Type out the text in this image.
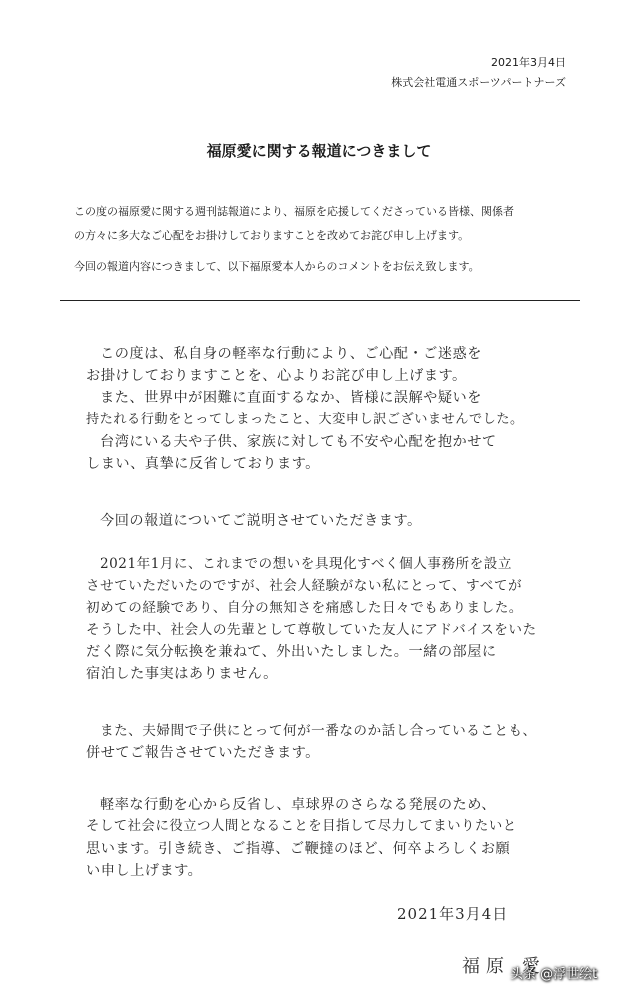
2021年3月4日
株式会社電通スポーツパートナーズ
福原愛に関する報道につきまして
この度の福原愛に関する週刊誌報道により、福原を応援してくださっている皆様、関係者
の方々に多大なご心配をお掛けしておりますことを改めてお詫び申し上げます。
今回の報道内容につきまして、以下福原愛本人からのコメントをお伝え致します。
この度は、私自身の軽率な行動により、ご心配・ご迷惑を
お掛けしておりますことを、心よりお詫び申し上げます。
また、世界中が困難に直面するなか、皆様に誤解や疑いを
持たれる行動をとってしまったこと、大変申し訳ございませんでした。
台湾にいる夫や子供、家族に対しても不安や心配を抱かせて
しまい、真摯に反省しております。
今回の報道についてご説明させていただきます。
2021年1月に、これまでの想いを具現化すべく個人事務所を設立
させていただいたのですが、社会人経験がない私にとって、すべてが
初めての経験であり、自分の無知さを痛感した日々でもありました。
そうした中、社会人の先輩として尊敬していた友人にアドバイスをいた
だく際に気分転換を兼ねて、外出いたしました。一緒の部屋に
宿泊した事実はありません。
また、夫婦間で子供にとって何が一番なのか話し合っていることも、
併せてご報告させていただきます。
軽率な行動を心から反省し、卓球界のさらなる発展のため、
そして社会に役立つ人間となることを目指して尽力してまいりたいと
思います。引き続き、ご指導、ご鞭撻のほど、何卒よろしくお願
い申し上げます。
2021年3月4日
福原 愛
头条 @浮世绘t
